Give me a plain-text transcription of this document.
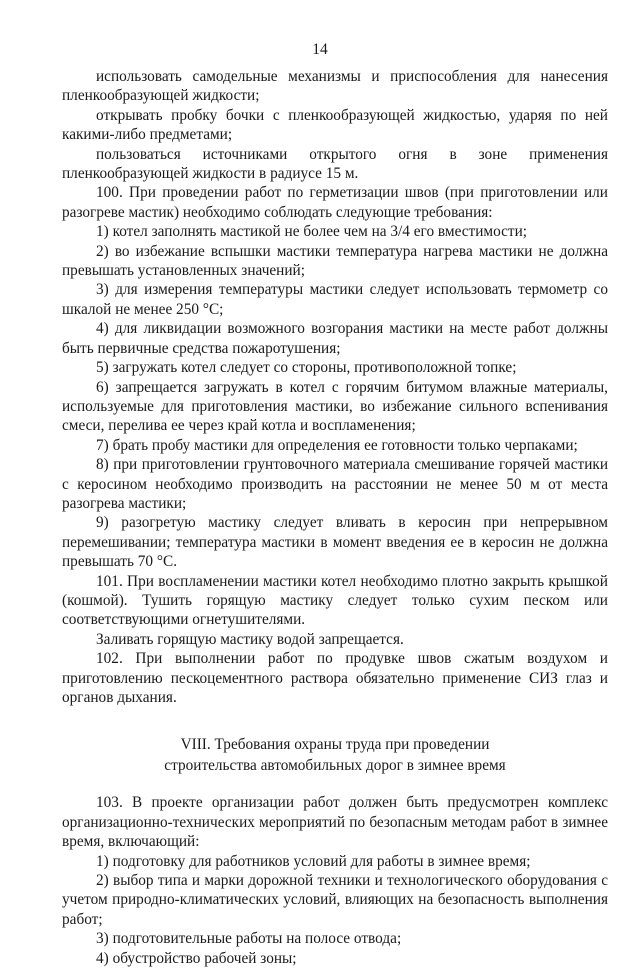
14

использовать самодельные механизмы и приспособления для нанесения пленкообразующей жидкости;

открывать пробку бочки с пленкообразующей жидкостью, ударяя по ней какими-либо предметами;

пользоваться источниками открытого огня в зоне применения пленкообразующей жидкости в радиусе 15 м.

100. При проведении работ по герметизации швов (при приготовлении или разогреве мастик) необходимо соблюдать следующие требования:

1) котел заполнять мастикой не более чем на 3/4 его вместимости;

2) во избежание вспышки мастики температура нагрева мастики не должна превышать установленных значений;

3) для измерения температуры мастики следует использовать термометр со шкалой не менее 250 °С;

4) для ликвидации возможного возгорания мастики на месте работ должны быть первичные средства пожаротушения;

5) загружать котел следует со стороны, противоположной топке;

6) запрещается загружать в котел с горячим битумом влажные материалы, используемые для приготовления мастики, во избежание сильного вспенивания смеси, перелива ее через край котла и воспламенения;

7) брать пробу мастики для определения ее готовности только черпаками;

8) при приготовлении грунтовочного материала смешивание горячей мастики с керосином необходимо производить на расстоянии не менее 50 м от места разогрева мастики;

9) разогретую мастику следует вливать в керосин при непрерывном перемешивании; температура мастики в момент введения ее в керосин не должна превышать 70 °С.

101. При воспламенении мастики котел необходимо плотно закрыть крышкой (кошмой). Тушить горящую мастику следует только сухим песком или соответствующими огнетушителями.

Заливать горящую мастику водой запрещается.

102. При выполнении работ по продувке швов сжатым воздухом и приготовлению пескоцементного раствора обязательно применение СИЗ глаз и органов дыхания.

VIII. Требования охраны труда при проведении
строительства автомобильных дорог в зимнее время

103. В проекте организации работ должен быть предусмотрен комплекс организационно-технических мероприятий по безопасным методам работ в зимнее время, включающий:

1) подготовку для работников условий для работы в зимнее время;

2) выбор типа и марки дорожной техники и технологического оборудования с учетом природно-климатических условий, влияющих на безопасность выполнения работ;

3) подготовительные работы на полосе отвода;

4) обустройство рабочей зоны;
